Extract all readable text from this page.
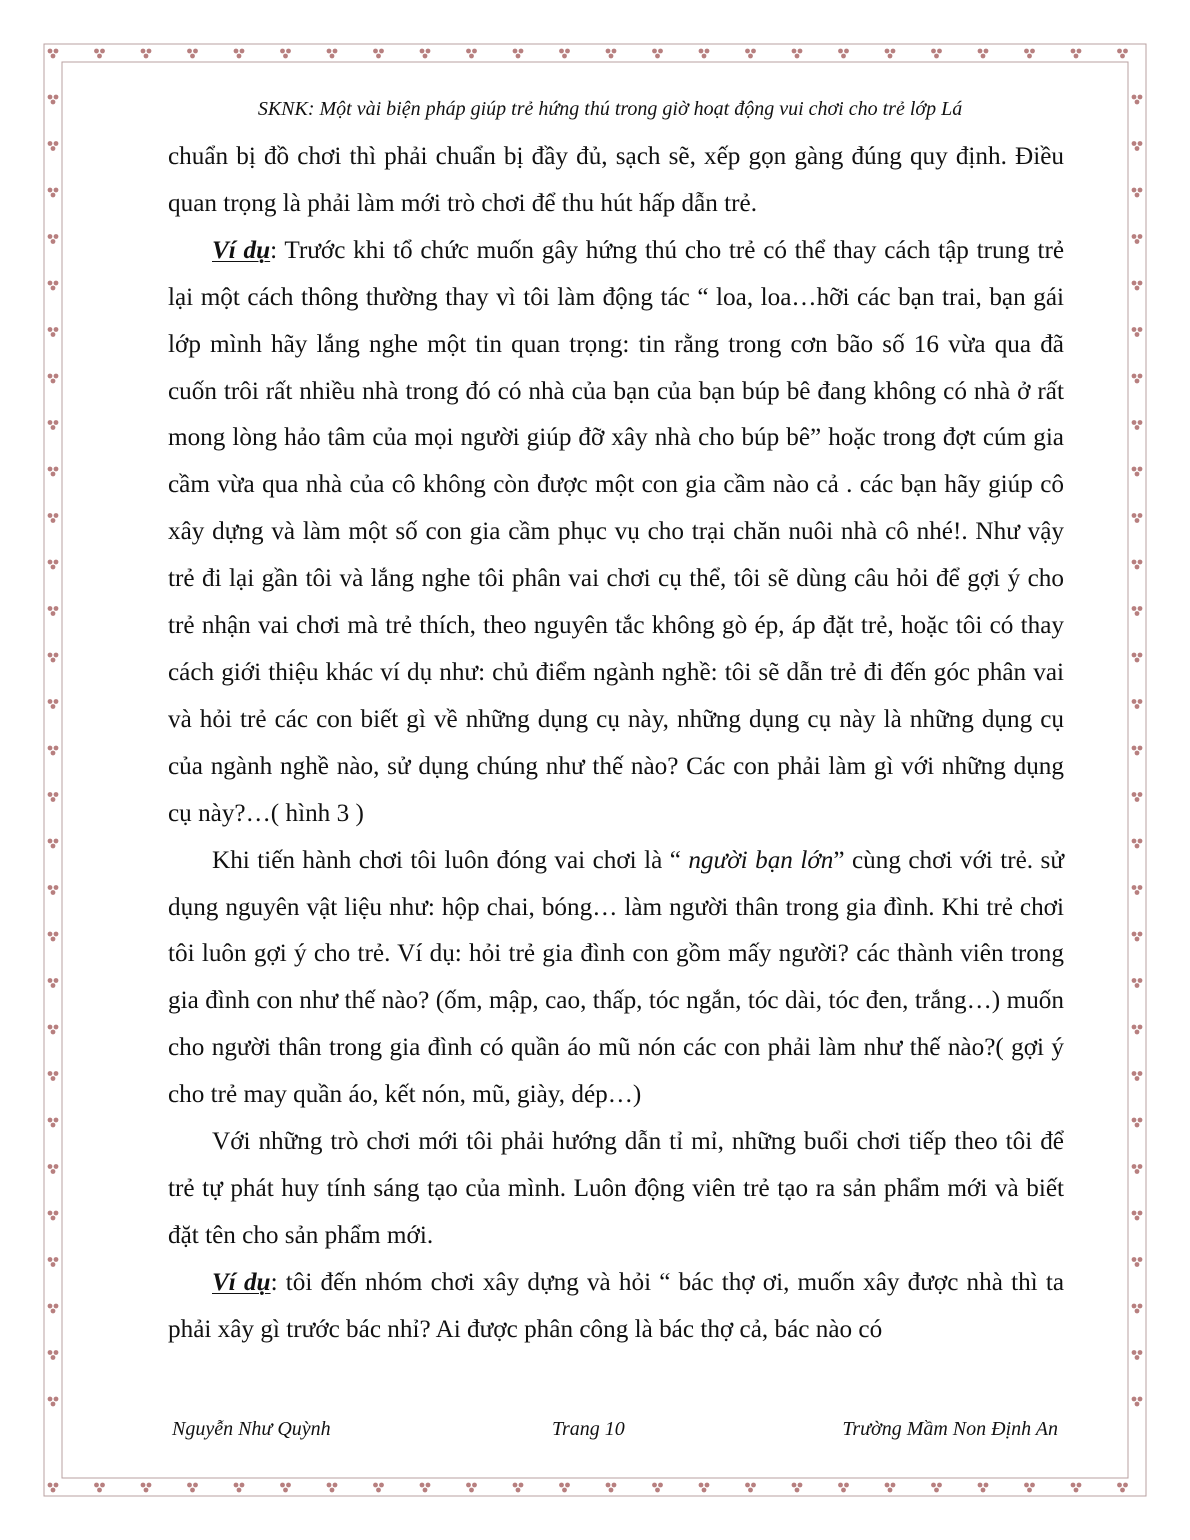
SKNK: Một vài biện pháp giúp trẻ hứng thú trong giờ hoạt động vui chơi cho trẻ lớp Lá

chuẩn bị đồ chơi thì phải chuẩn bị đầy đủ, sạch sẽ, xếp gọn gàng đúng quy định. Điều quan trọng là phải làm mới trò chơi để thu hút hấp dẫn trẻ.

Ví dụ: Trước khi tổ chức muốn gây hứng thú cho trẻ có thể thay cách tập trung trẻ lại một cách thông thường thay vì tôi làm động tác “ loa, loa…hỡi các bạn trai, bạn gái lớp mình hãy lắng nghe một tin quan trọng: tin rằng trong cơn bão số 16 vừa qua đã cuốn trôi rất nhiều nhà trong đó có nhà của bạn của bạn búp bê đang không có nhà ở rất mong lòng hảo tâm của mọi người giúp đỡ xây nhà cho búp bê” hoặc trong đợt cúm gia cầm vừa qua nhà của cô không còn được một con gia cầm nào cả . các bạn hãy giúp cô xây dựng và làm một số con gia cầm phục vụ cho trại chăn nuôi nhà cô nhé!. Như vậy trẻ đi lại gần tôi và lắng nghe tôi phân vai chơi cụ thể, tôi sẽ dùng câu hỏi để gợi ý cho trẻ nhận vai chơi mà trẻ thích, theo nguyên tắc không gò ép, áp đặt trẻ, hoặc tôi có thay cách giới thiệu khác ví dụ như: chủ điểm ngành nghề: tôi sẽ dẫn trẻ đi đến góc phân vai và hỏi trẻ các con biết gì về những dụng cụ này, những dụng cụ này là những dụng cụ của ngành nghề nào, sử dụng chúng như thế nào? Các con phải làm gì với những dụng cụ này?…( hình 3 )

Khi tiến hành chơi tôi luôn đóng vai chơi là “ người bạn lớn” cùng chơi với trẻ. sử dụng nguyên vật liệu như: hộp chai, bóng… làm người thân trong gia đình. Khi trẻ chơi tôi luôn gợi ý cho trẻ. Ví dụ: hỏi trẻ gia đình con gồm mấy người? các thành viên trong gia đình con như thế nào? (ốm, mập, cao, thấp, tóc ngắn, tóc dài, tóc đen, trắng…) muốn cho người thân trong gia đình có quần áo mũ nón các con phải làm như thế nào?( gợi ý cho trẻ may quần áo, kết nón, mũ, giày, dép…)

Với những trò chơi mới tôi phải hướng dẫn tỉ mỉ, những buổi chơi tiếp theo tôi để trẻ tự phát huy tính sáng tạo của mình. Luôn động viên trẻ tạo ra sản phẩm mới và biết đặt tên cho sản phẩm mới.

Ví dụ: tôi đến nhóm chơi xây dựng và hỏi “ bác thợ ơi, muốn xây được nhà thì ta phải xây gì trước bác nhỉ? Ai được phân công là bác thợ cả, bác nào có

Nguyễn Như Quỳnh	Trang 10	Trường Mầm Non Định An
